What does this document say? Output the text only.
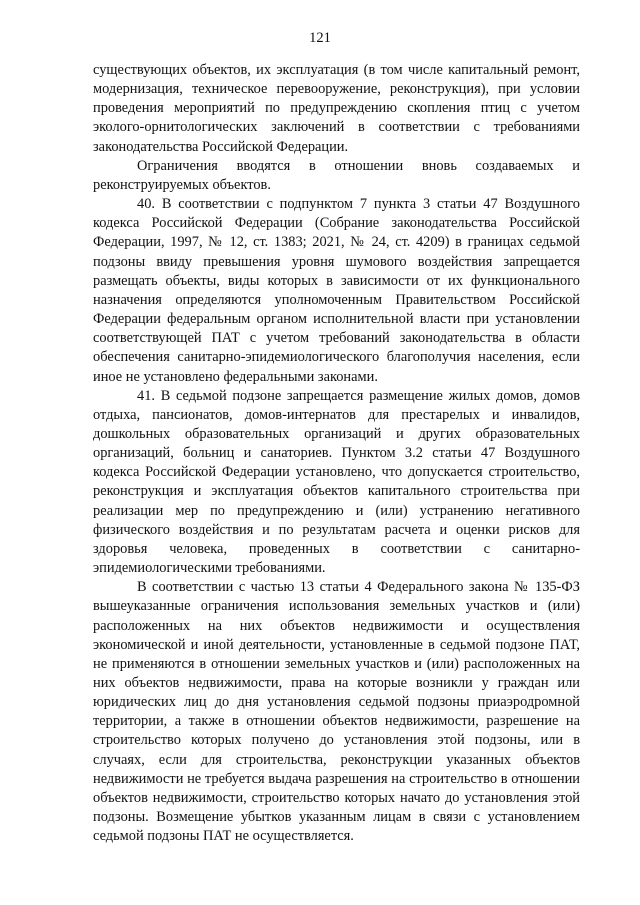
121

существующих объектов, их эксплуатация (в том числе капитальный ремонт, модернизация, техническое перевооружение, реконструкция), при условии проведения мероприятий по предупреждению скопления птиц с учетом эколого-орнитологических заключений в соответствии с требованиями законодательства Российской Федерации.

Ограничения вводятся в отношении вновь создаваемых и реконструируемых объектов.

40. В соответствии с подпунктом 7 пункта 3 статьи 47 Воздушного кодекса Российской Федерации (Собрание законодательства Российской Федерации, 1997, № 12, ст. 1383; 2021, № 24, ст. 4209) в границах седьмой подзоны ввиду превышения уровня шумового воздействия запрещается размещать объекты, виды которых в зависимости от их функционального назначения определяются уполномоченным Правительством Российской Федерации федеральным органом исполнительной власти при установлении соответствующей ПАТ с учетом требований законодательства в области обеспечения санитарно-эпидемиологического благополучия населения, если иное не установлено федеральными законами.

41. В седьмой подзоне запрещается размещение жилых домов, домов отдыха, пансионатов, домов-интернатов для престарелых и инвалидов, дошкольных образовательных организаций и других образовательных организаций, больниц и санаториев. Пунктом 3.2 статьи 47 Воздушного кодекса Российской Федерации установлено, что допускается строительство, реконструкция и эксплуатация объектов капитального строительства при реализации мер по предупреждению и (или) устранению негативного физического воздействия и по результатам расчета и оценки рисков для здоровья человека, проведенных в соответствии с санитарно-эпидемиологическими требованиями.

В соответствии с частью 13 статьи 4 Федерального закона № 135-ФЗ вышеуказанные ограничения использования земельных участков и (или) расположенных на них объектов недвижимости и осуществления экономической и иной деятельности, установленные в седьмой подзоне ПАТ, не применяются в отношении земельных участков и (или) расположенных на них объектов недвижимости, права на которые возникли у граждан или юридических лиц до дня установления седьмой подзоны приаэродромной территории, а также в отношении объектов недвижимости, разрешение на строительство которых получено до установления этой подзоны, или в случаях, если для строительства, реконструкции указанных объектов недвижимости не требуется выдача разрешения на строительство в отношении объектов недвижимости, строительство которых начато до установления этой подзоны. Возмещение убытков указанным лицам в связи с установлением седьмой подзоны ПАТ не осуществляется.
